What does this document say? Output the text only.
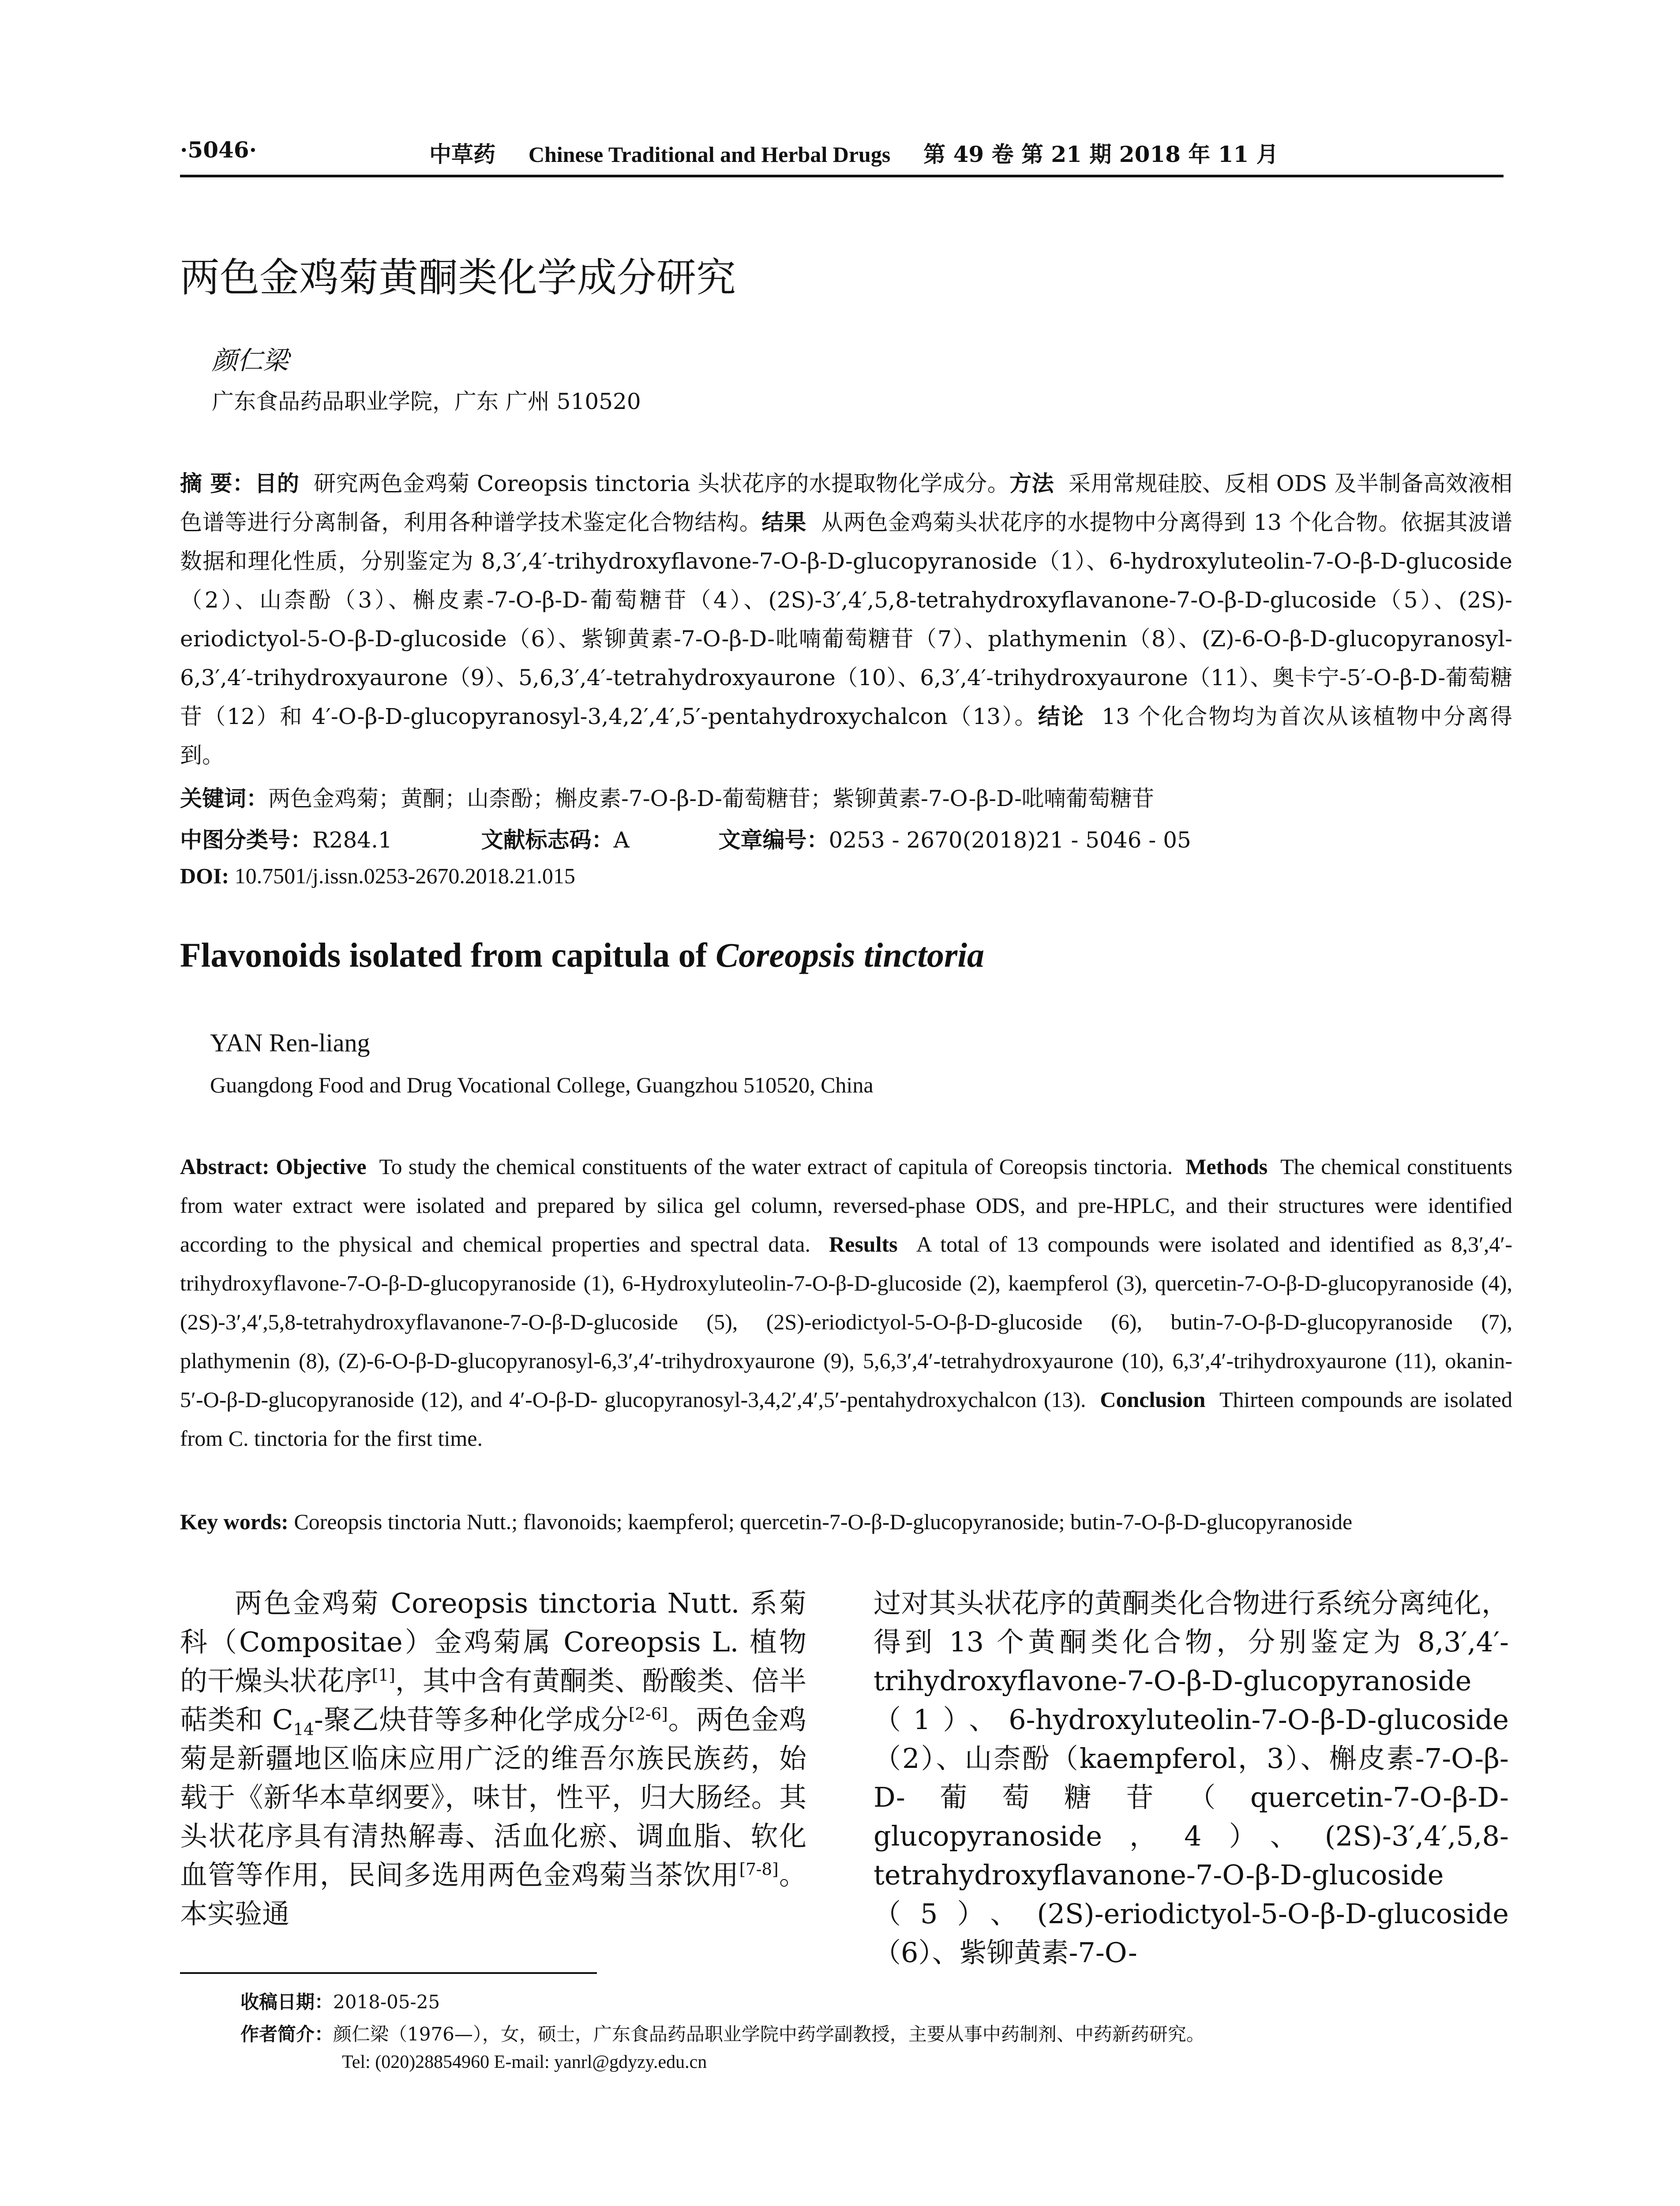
·5046·	中草药 Chinese Traditional and Herbal Drugs 第 49 卷 第 21 期 2018 年 11 月
两色金鸡菊黄酮类化学成分研究
颜仁梁
广东食品药品职业学院，广东 广州 510520
摘 要：目的 研究两色金鸡菊 Coreopsis tinctoria 头状花序的水提取物化学成分。方法 采用常规硅胶、反相 ODS 及半制备高效液相色谱等进行分离制备，利用各种谱学技术鉴定化合物结构。结果 从两色金鸡菊头状花序的水提物中分离得到 13 个化合物。依据其波谱数据和理化性质，分别鉴定为 8,3′,4′-trihydroxyflavone-7-O-β-D-glucopyranoside（1）、6-hydroxyluteolin-7-O-β-D-glucoside（2）、山柰酚（3）、槲皮素-7-O-β-D-葡萄糖苷（4）、(2S)-3′,4′,5,8-tetrahydroxyflavanone-7-O-β-D-glucoside（5）、(2S)-eriodictyol-5-O-β-D-glucoside（6）、紫铆黄素-7-O-β-D-吡喃葡萄糖苷（7）、plathymenin（8）、(Z)-6-O-β-D-glucopyranosyl-6,3′,4′-trihydroxyaurone（9）、5,6,3′,4′-tetrahydroxyaurone（10）、6,3′,4′-trihydroxyaurone（11）、奥卡宁-5′-O-β-D-葡萄糖苷（12）和 4′-O-β-D-glucopyranosyl-3,4,2′,4′,5′-pentahydroxychalcon（13）。结论 13 个化合物均为首次从该植物中分离得到。
关键词：两色金鸡菊；黄酮；山柰酚；槲皮素-7-O-β-D-葡萄糖苷；紫铆黄素-7-O-β-D-吡喃葡萄糖苷
中图分类号：R284.1	文献标志码：A	文章编号：0253 - 2670(2018)21 - 5046 - 05
DOI: 10.7501/j.issn.0253-2670.2018.21.015
Flavonoids isolated from capitula of Coreopsis tinctoria
YAN Ren-liang
Guangdong Food and Drug Vocational College, Guangzhou 510520, China
Abstract: Objective To study the chemical constituents of the water extract of capitula of Coreopsis tinctoria. Methods The chemical constituents from water extract were isolated and prepared by silica gel column, reversed-phase ODS, and pre-HPLC, and their structures were identified according to the physical and chemical properties and spectral data. Results A total of 13 compounds were isolated and identified as 8,3′,4′-trihydroxyflavone-7-O-β-D-glucopyranoside (1), 6-Hydroxyluteolin-7-O-β-D-glucoside (2), kaempferol (3), quercetin-7-O-β-D-glucopyranoside (4), (2S)-3′,4′,5,8-tetrahydroxyflavanone-7-O-β-D-glucoside (5), (2S)-eriodictyol-5-O-β-D-glucoside (6), butin-7-O-β-D-glucopyranoside (7), plathymenin (8), (Z)-6-O-β-D-glucopyranosyl-6,3′,4′-trihydroxyaurone (9), 5,6,3′,4′-tetrahydroxyaurone (10), 6,3′,4′-trihydroxyaurone (11), okanin-5′-O-β-D-glucopyranoside (12), and 4′-O-β-D- glucopyranosyl-3,4,2′,4′,5′-pentahydroxychalcon (13). Conclusion Thirteen compounds are isolated from C. tinctoria for the first time.
Key words: Coreopsis tinctoria Nutt.; flavonoids; kaempferol; quercetin-7-O-β-D-glucopyranoside; butin-7-O-β-D-glucopyranoside
两色金鸡菊 Coreopsis tinctoria Nutt. 系菊科（Compositae）金鸡菊属 Coreopsis L. 植物的干燥头状花序[1]，其中含有黄酮类、酚酸类、倍半萜类和 $C_{14}-$聚乙炔苷等多种化学成分[2-6]。两色金鸡菊是新疆地区临床应用广泛的维吾尔族民族药，始载于《新华本草纲要》，味甘，性平，归大肠经。其头状花序具有清热解毒、活血化瘀、调血脂、软化血管等作用，民间多选用两色金鸡菊当茶饮用[7-8]。本实验通
过对其头状花序的黄酮类化合物进行系统分离纯化，得到 13 个黄酮类化合物，分别鉴定为 8,3′,4′-trihydroxyflavone-7-O-β-D-glucopyranoside（1）、6-hydroxyluteolin-7-O-β-D-glucoside（2）、山柰酚（kaempferol，3）、槲皮素-7-O-β-D-葡萄糖苷（quercetin-7-O-β-D-glucopyranoside，4）、(2S)-3′,4′,5,8-tetrahydroxyflavanone-7-O-β-D-glucoside（5）、(2S)-eriodictyol-5-O-β-D-glucoside（6）、紫铆黄素-7-O-
收稿日期：2018-05-25
作者简介：颜仁梁（1976—），女，硕士，广东食品药品职业学院中药学副教授，主要从事中药制剂、中药新药研究。
Tel: (020)28854960 E-mail: yanrl@gdyzy.edu.cn
